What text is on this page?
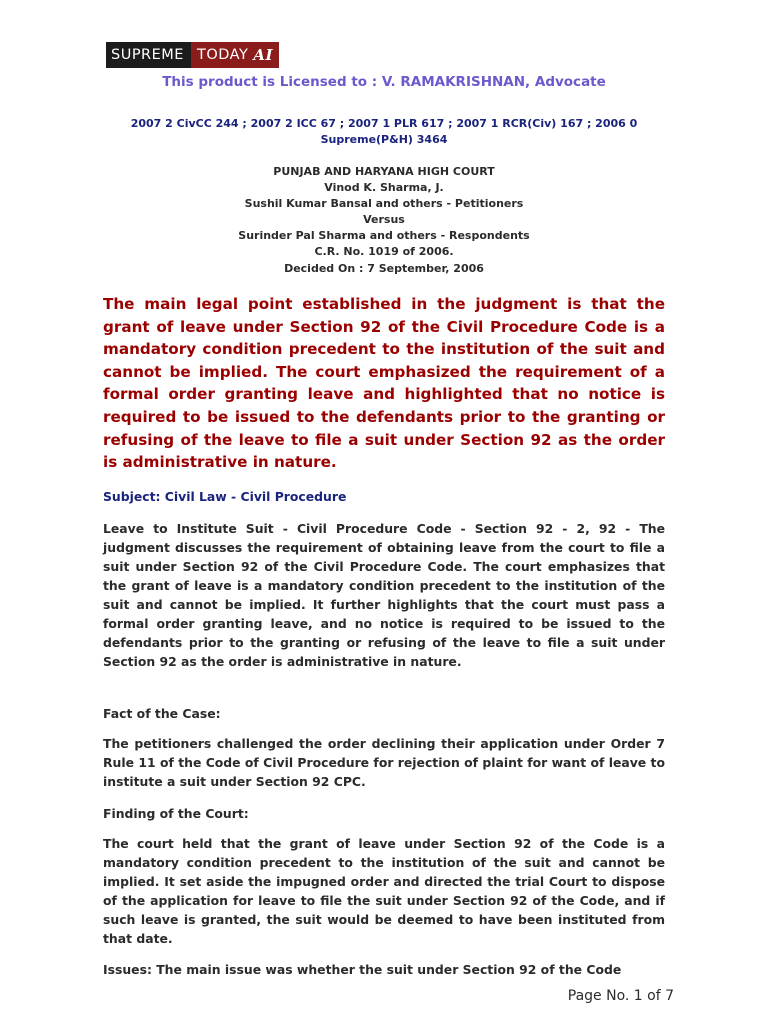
SUPREME TODAY AI
This product is Licensed to : V. RAMAKRISHNAN, Advocate
2007 2 CivCC 244 ; 2007 2 ICC 67 ; 2007 1 PLR 617 ; 2007 1 RCR(Civ) 167 ; 2006 0 Supreme(P&H) 3464
PUNJAB AND HARYANA HIGH COURT
Vinod K. Sharma, J.
Sushil Kumar Bansal and others - Petitioners
Versus
Surinder Pal Sharma and others - Respondents
C.R. No. 1019 of 2006.
Decided On : 7 September, 2006
The main legal point established in the judgment is that the grant of leave under Section 92 of the Civil Procedure Code is a mandatory condition precedent to the institution of the suit and cannot be implied. The court emphasized the requirement of a formal order granting leave and highlighted that no notice is required to be issued to the defendants prior to the granting or refusing of the leave to file a suit under Section 92 as the order is administrative in nature.
Subject: Civil Law - Civil Procedure
Leave to Institute Suit - Civil Procedure Code - Section 92 - 2, 92 - The judgment discusses the requirement of obtaining leave from the court to file a suit under Section 92 of the Civil Procedure Code. The court emphasizes that the grant of leave is a mandatory condition precedent to the institution of the suit and cannot be implied. It further highlights that the court must pass a formal order granting leave, and no notice is required to be issued to the defendants prior to the granting or refusing of the leave to file a suit under Section 92 as the order is administrative in nature.
Fact of the Case:
The petitioners challenged the order declining their application under Order 7 Rule 11 of the Code of Civil Procedure for rejection of plaint for want of leave to institute a suit under Section 92 CPC.
Finding of the Court:
The court held that the grant of leave under Section 92 of the Code is a mandatory condition precedent to the institution of the suit and cannot be implied. It set aside the impugned order and directed the trial Court to dispose of the application for leave to file the suit under Section 92 of the Code, and if such leave is granted, the suit would be deemed to have been instituted from that date.
Issues: The main issue was whether the suit under Section 92 of the Code
Page No. 1 of 7
